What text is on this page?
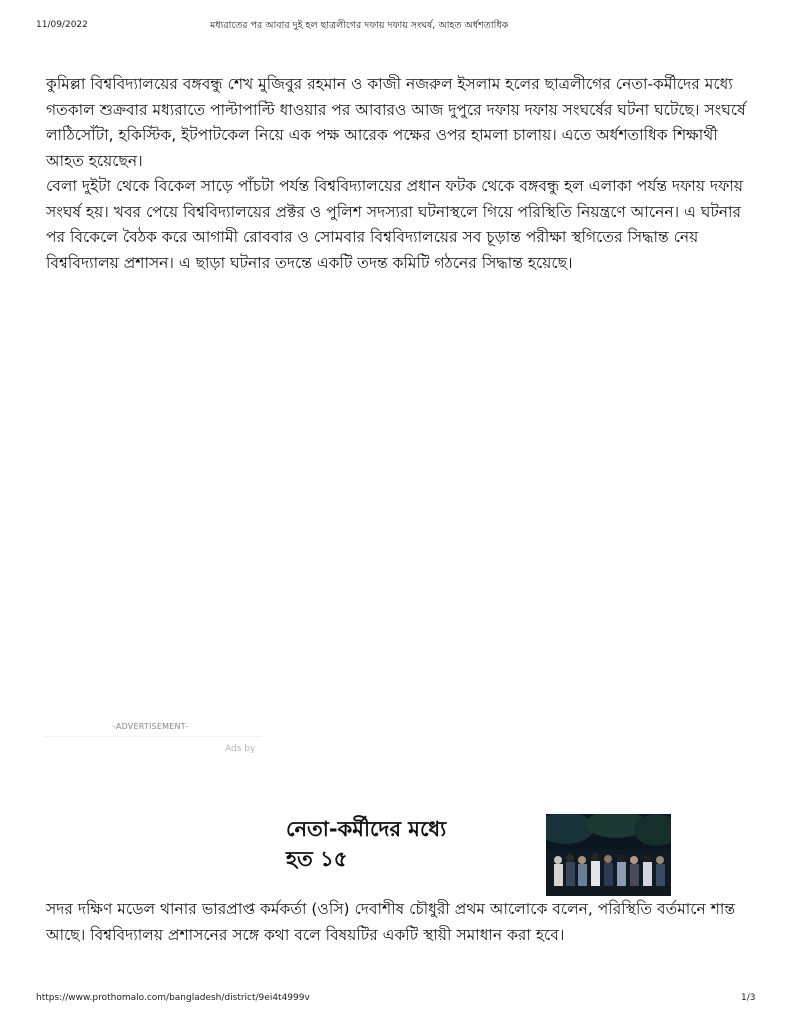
11/09/2022	মধ্যরাতের পর আবার দুই হল ছাত্রলীগের দফায় দফায় সংঘর্ষ, আহত অর্ধশতাধিক

কুমিল্লা বিশ্ববিদ্যালয়ের বঙ্গবন্ধু শেখ মুজিবুর রহমান ও কাজী নজরুল ইসলাম হলের ছাত্রলীগের নেতা-কর্মীদের মধ্যে গতকাল শুক্রবার মধ্যরাতে পাল্টাপাল্টি ধাওয়ার পর আবারও আজ দুপুরে দফায় দফায় সংঘর্ষের ঘটনা ঘটেছে। সংঘর্ষে লাঠিসোঁটা, হকিস্টিক, ইটপাটকেল নিয়ে এক পক্ষ আরেক পক্ষের ওপর হামলা চালায়। এতে অর্ধশতাধিক শিক্ষার্থী আহত হয়েছেন।

বেলা দুইটা থেকে বিকেল সাড়ে পাঁচটা পর্যন্ত বিশ্ববিদ্যালয়ের প্রধান ফটক থেকে বঙ্গবন্ধু হল এলাকা পর্যন্ত দফায় দফায় সংঘর্ষ হয়। খবর পেয়ে বিশ্ববিদ্যালয়ের প্রক্টর ও পুলিশ সদস্যরা ঘটনাস্থলে গিয়ে পরিস্থিতি নিয়ন্ত্রণে আনেন। এ ঘটনার পর বিকেলে বৈঠক করে আগামী রোববার ও সোমবার বিশ্ববিদ্যালয়ের সব চূড়ান্ত পরীক্ষা স্থগিতের সিদ্ধান্ত নেয় বিশ্ববিদ্যালয় প্রশাসন। এ ছাড়া ঘটনার তদন্তে একটি তদন্ত কমিটি গঠনের সিদ্ধান্ত হয়েছে।

-ADVERTISEMENT-
Ads by
নেতা-কর্মীদের মধ্যে
হত ১৫

সদর দক্ষিণ মডেল থানার ভারপ্রাপ্ত কর্মকর্তা (ওসি) দেবাশীষ চৌধুরী প্রথম আলোকে বলেন, পরিস্থিতি বর্তমানে শান্ত আছে। বিশ্ববিদ্যালয় প্রশাসনের সঙ্গে কথা বলে বিষয়টির একটি স্থায়ী সমাধান করা হবে।

https://www.prothomalo.com/bangladesh/district/9ei4t4999v	1/3
